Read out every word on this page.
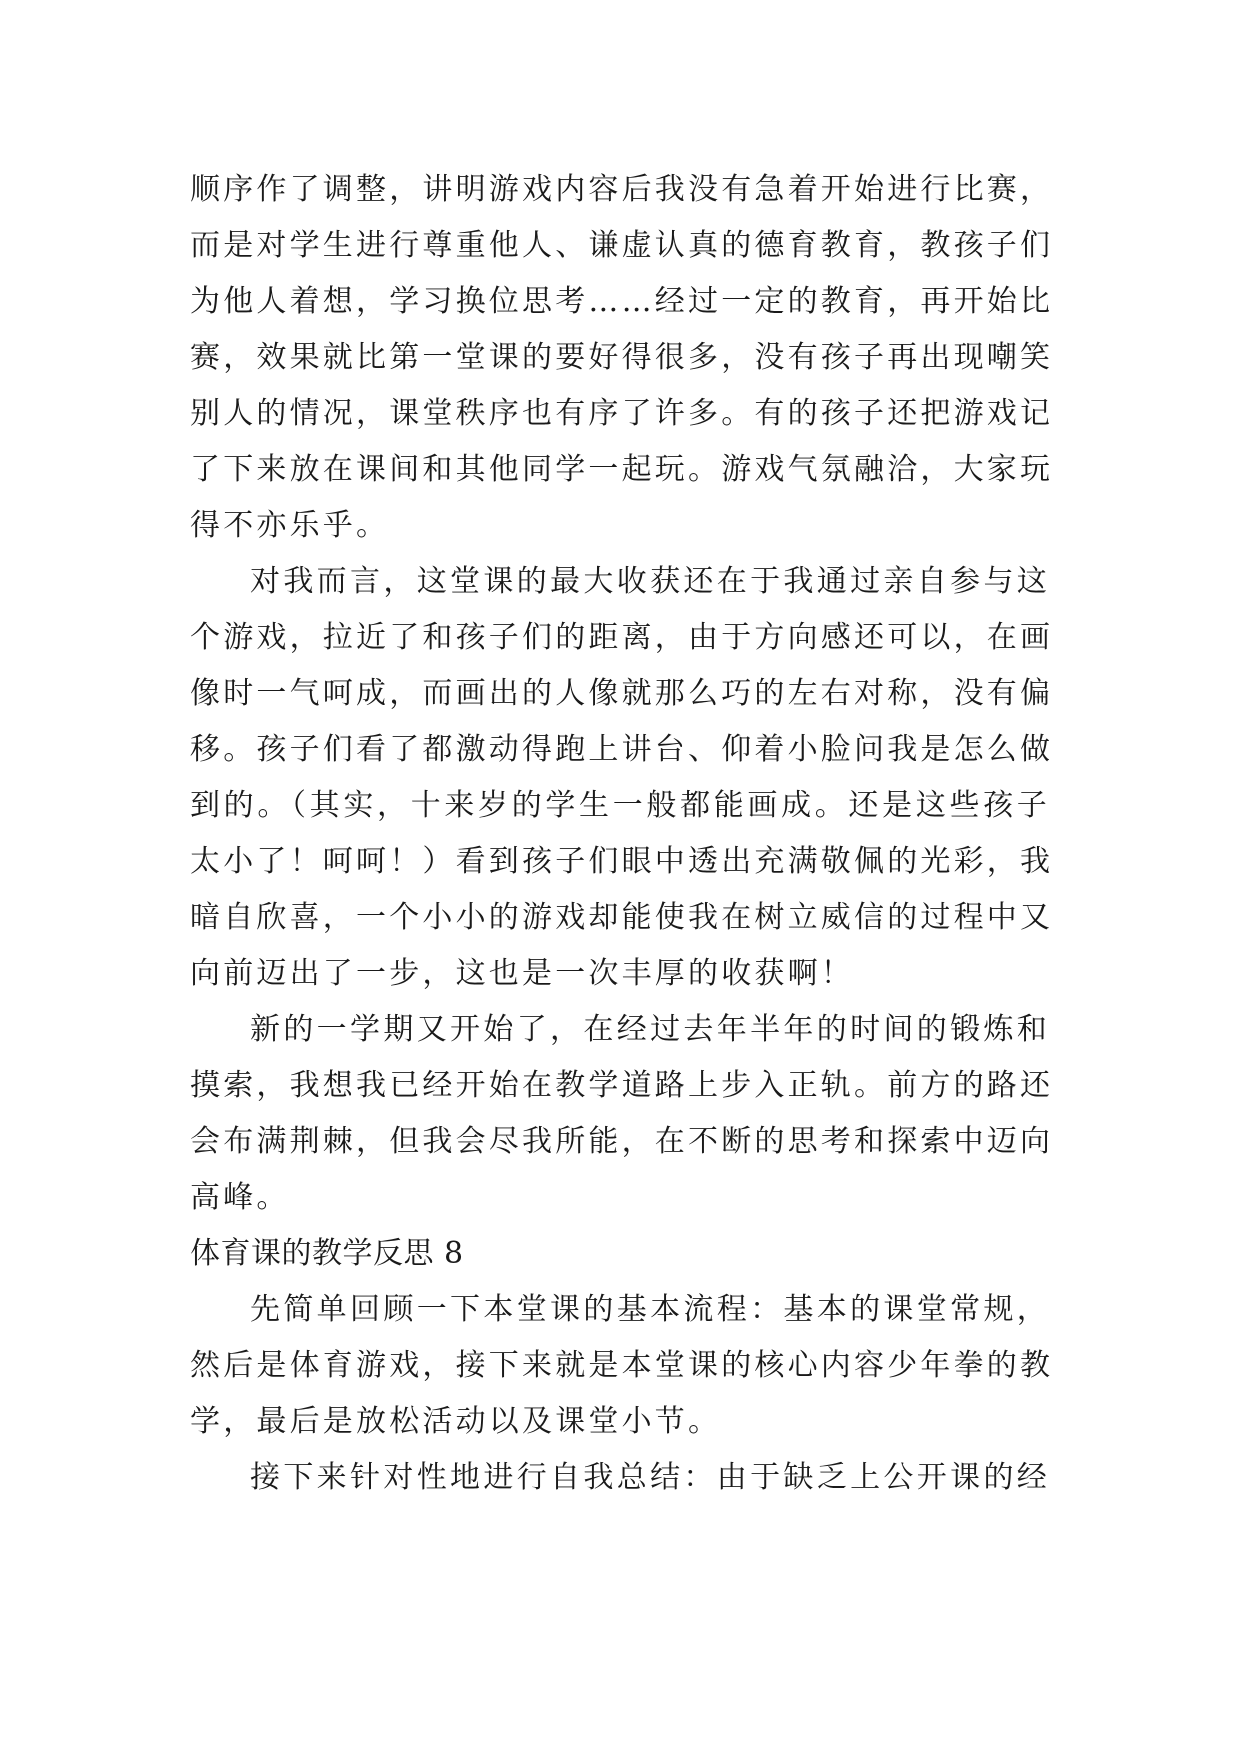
顺序作了调整，讲明游戏内容后我没有急着开始进行比赛，
而是对学生进行尊重他人、谦虚认真的德育教育，教孩子们
为他人着想，学习换位思考……经过一定的教育，再开始比
赛，效果就比第一堂课的要好得很多，没有孩子再出现嘲笑
别人的情况，课堂秩序也有序了许多。有的孩子还把游戏记
了下来放在课间和其他同学一起玩。游戏气氛融洽，大家玩
得不亦乐乎。
对我而言，这堂课的最大收获还在于我通过亲自参与这
个游戏，拉近了和孩子们的距离，由于方向感还可以，在画
像时一气呵成，而画出的人像就那么巧的左右对称，没有偏
移。孩子们看了都激动得跑上讲台、仰着小脸问我是怎么做
到的。（其实，十来岁的学生一般都能画成。还是这些孩子
太小了！呵呵！）看到孩子们眼中透出充满敬佩的光彩，我
暗自欣喜，一个小小的游戏却能使我在树立威信的过程中又
向前迈出了一步，这也是一次丰厚的收获啊！
新的一学期又开始了，在经过去年半年的时间的锻炼和
摸索，我想我已经开始在教学道路上步入正轨。前方的路还
会布满荆棘，但我会尽我所能，在不断的思考和探索中迈向
高峰。
体育课的教学反思 8
先简单回顾一下本堂课的基本流程：基本的课堂常规，
然后是体育游戏，接下来就是本堂课的核心内容少年拳的教
学，最后是放松活动以及课堂小节。
接下来针对性地进行自我总结：由于缺乏上公开课的经
